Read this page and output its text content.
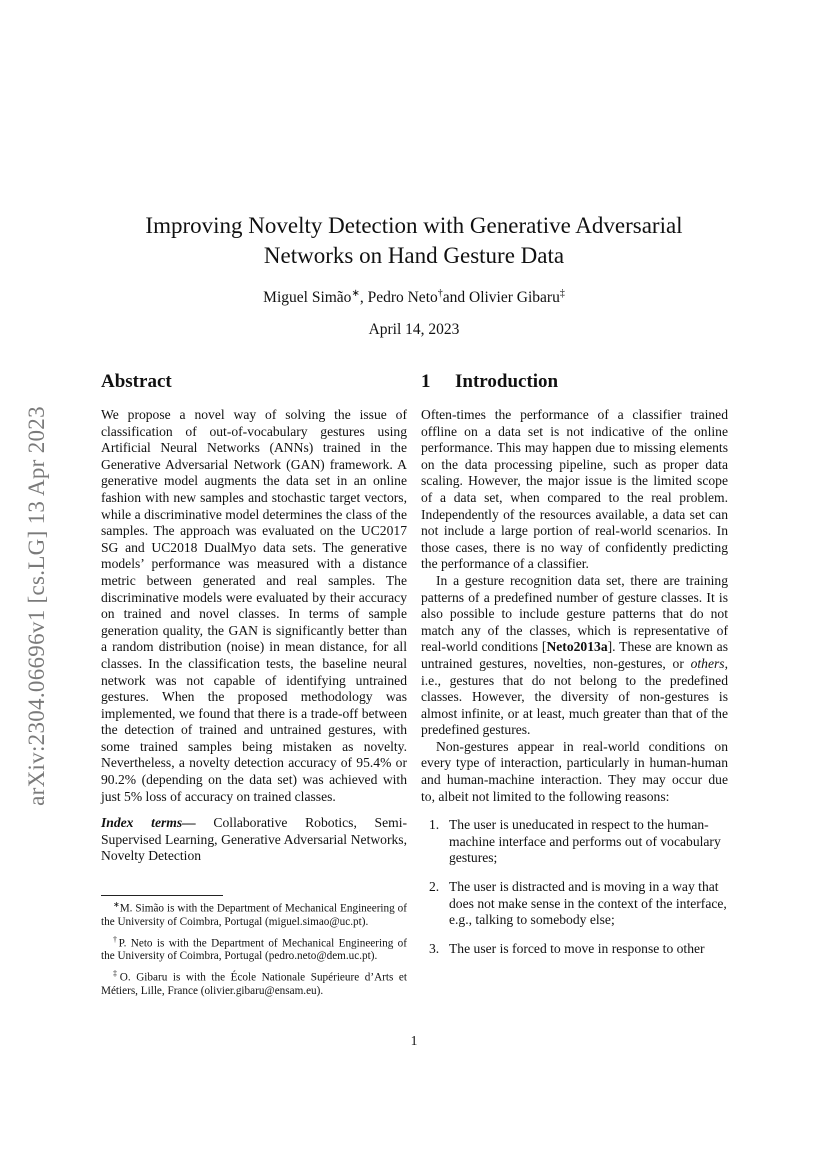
arXiv:2304.06696v1 [cs.LG] 13 Apr 2023
Improving Novelty Detection with Generative Adversarial
Networks on Hand Gesture Data
Miguel Simão∗, Pedro Neto†and Olivier Gibaru‡
April 14, 2023
Abstract

We propose a novel way of solving the issue of classification of out-of-vocabulary gestures using Artificial Neural Networks (ANNs) trained in the Generative Adversarial Network (GAN) framework. A generative model augments the data set in an online fashion with new samples and stochastic target vectors, while a discriminative model determines the class of the samples. The approach was evaluated on the UC2017 SG and UC2018 DualMyo data sets. The generative models’ performance was measured with a distance metric between generated and real samples. The discriminative models were evaluated by their accuracy on trained and novel classes. In terms of sample generation quality, the GAN is significantly better than a random distribution (noise) in mean distance, for all classes. In the classification tests, the baseline neural network was not capable of identifying untrained gestures. When the proposed methodology was implemented, we found that there is a trade-off between the detection of trained and untrained gestures, with some trained samples being mistaken as novelty. Nevertheless, a novelty detection accuracy of 95.4% or 90.2% (depending on the data set) was achieved with just 5% loss of accuracy on trained classes.

Index terms— Collaborative Robotics, Semi-Supervised Learning, Generative Adversarial Networks, Novelty Detection

∗M. Simão is with the Department of Mechanical Engineering of the University of Coimbra, Portugal (miguel.simao@uc.pt).

†P. Neto is with the Department of Mechanical Engineering of the University of Coimbra, Portugal (pedro.neto@dem.uc.pt).

‡O. Gibaru is with the École Nationale Supérieure d’Arts et Métiers, Lille, France (olivier.gibaru@ensam.eu).

1 Introduction

Often-times the performance of a classifier trained offline on a data set is not indicative of the online performance. This may happen due to missing elements on the data processing pipeline, such as proper data scaling. However, the major issue is the limited scope of a data set, when compared to the real problem. Independently of the resources available, a data set can not include a large portion of real-world scenarios. In those cases, there is no way of confidently predicting the performance of a classifier.

In a gesture recognition data set, there are training patterns of a predefined number of gesture classes. It is also possible to include gesture patterns that do not match any of the classes, which is representative of real-world conditions [Neto2013a]. These are known as untrained gestures, novelties, non-gestures, or others, i.e., gestures that do not belong to the predefined classes. However, the diversity of non-gestures is almost infinite, or at least, much greater than that of the predefined gestures.

Non-gestures appear in real-world conditions on every type of interaction, particularly in human-human and human-machine interaction. They may occur due to, albeit not limited to the following reasons:

1. The user is uneducated in respect to the human-machine interface and performs out of vocabulary gestures;
2. The user is distracted and is moving in a way that does not make sense in the context of the interface, e.g., talking to somebody else;
3. The user is forced to move in response to other
1
